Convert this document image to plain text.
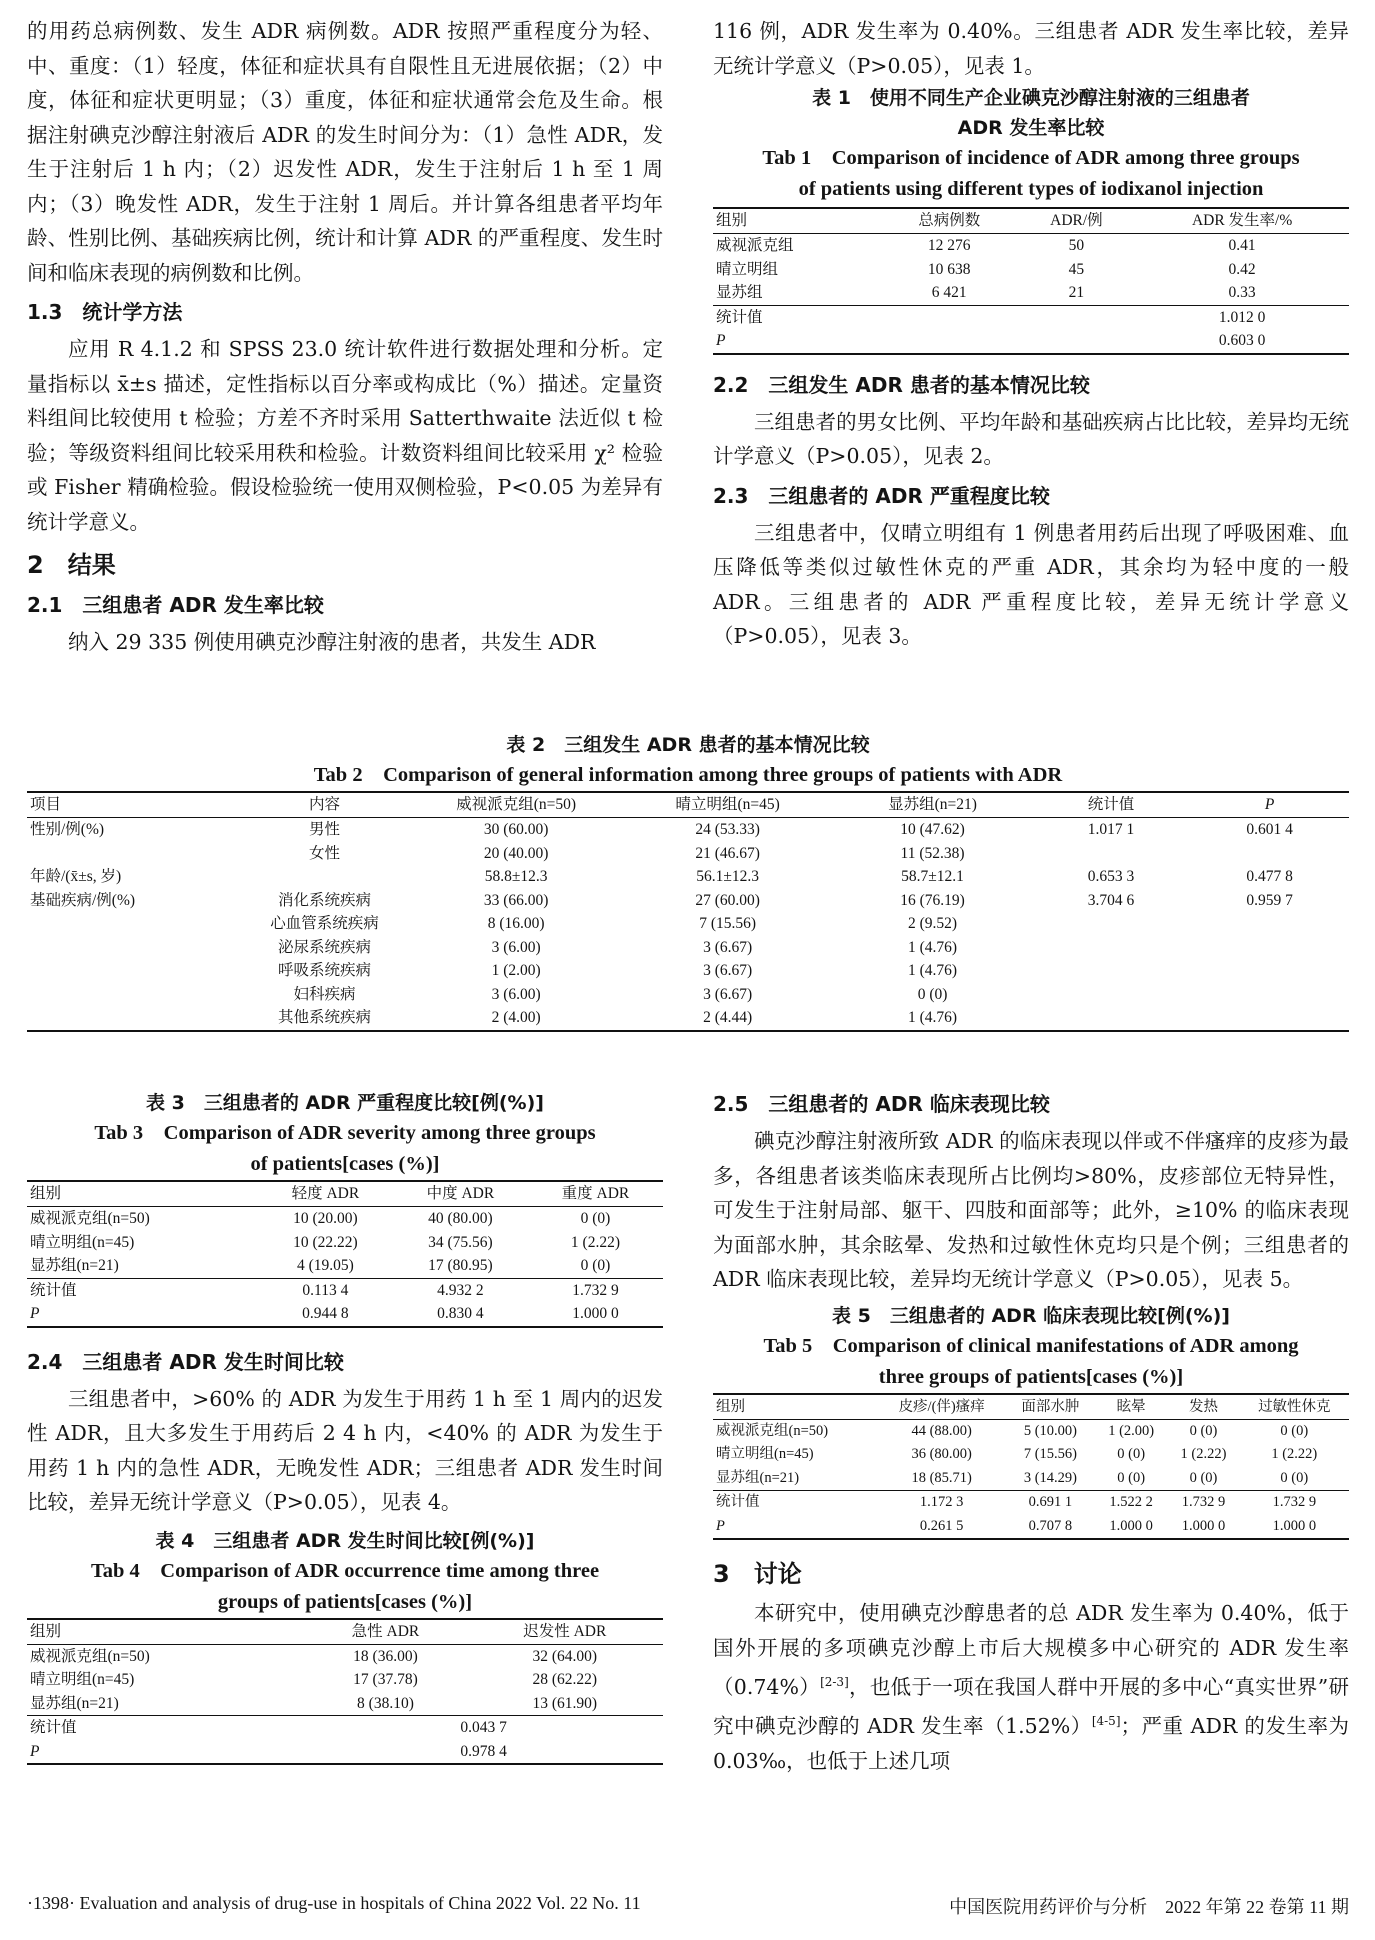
的用药总病例数、发生 ADR 病例数。ADR 按照严重程度分为轻、中、重度：（1）轻度，体征和症状具有自限性且无进展依据；（2）中度，体征和症状更明显；（3）重度，体征和症状通常会危及生命。根据注射碘克沙醇注射液后 ADR 的发生时间分为：（1）急性 ADR，发生于注射后 1 h 内；（2）迟发性 ADR，发生于注射后 1 h 至 1 周内；（3）晚发性 ADR，发生于注射 1 周后。并计算各组患者平均年龄、性别比例、基础疾病比例，统计和计算 ADR 的严重程度、发生时间和临床表现的病例数和比例。

1.3　统计学方法

应用 R 4.1.2 和 SPSS 23.0 统计软件进行数据处理和分析。定量指标以 x̄±s 描述，定性指标以百分率或构成比（%）描述。定量资料组间比较使用 t 检验；方差不齐时采用 Satterthwaite 法近似 t 检验；等级资料组间比较采用秩和检验。计数资料组间比较采用 χ² 检验或 Fisher 精确检验。假设检验统一使用双侧检验，P<0.05 为差异有统计学意义。

2　结果
2.1　三组患者 ADR 发生率比较

纳入 29 335 例使用碘克沙醇注射液的患者，共发生 ADR

116 例，ADR 发生率为 0.40%。三组患者 ADR 发生率比较，差异无统计学意义（P>0.05），见表 1。

表 1　使用不同生产企业碘克沙醇注射液的三组患者
ADR 发生率比较
Tab 1　Comparison of incidence of ADR among three groups
of patients using different types of iodixanol injection
组别	总病例数	ADR/例	ADR 发生率/%
威视派克组	12 276	50	0.41
晴立明组	10 638	45	0.42
显苏组	6 421	21	0.33
统计值			1.012 0
P			0.603 0
2.2　三组发生 ADR 患者的基本情况比较

三组患者的男女比例、平均年龄和基础疾病占比比较，差异均无统计学意义（P>0.05），见表 2。

2.3　三组患者的 ADR 严重程度比较

三组患者中，仅晴立明组有 1 例患者用药后出现了呼吸困难、血压降低等类似过敏性休克的严重 ADR，其余均为轻中度的一般 ADR。三组患者的 ADR 严重程度比较，差异无统计学意义（P>0.05），见表 3。

表 2　三组发生 ADR 患者的基本情况比较
Tab 2　Comparison of general information among three groups of patients with ADR
项目	内容	威视派克组(n=50)	晴立明组(n=45)	显苏组(n=21)	统计值	P
性别/例(%)	男性	30 (60.00)	24 (53.33)	10 (47.62)	1.017 1	0.601 4
	女性	20 (40.00)	21 (46.67)	11 (52.38)		
年龄/(x̄±s, 岁)		58.8±12.3	56.1±12.3	58.7±12.1	0.653 3	0.477 8
基础疾病/例(%)	消化系统疾病	33 (66.00)	27 (60.00)	16 (76.19)	3.704 6	0.959 7
	心血管系统疾病	8 (16.00)	7 (15.56)	2 (9.52)		
	泌尿系统疾病	3 (6.00)	3 (6.67)	1 (4.76)		
	呼吸系统疾病	1 (2.00)	3 (6.67)	1 (4.76)		
	妇科疾病	3 (6.00)	3 (6.67)	0 (0)		
	其他系统疾病	2 (4.00)	2 (4.44)	1 (4.76)		
表 3　三组患者的 ADR 严重程度比较[例(%)]
Tab 3　Comparison of ADR severity among three groups
of patients[cases (%)]
组别	轻度 ADR	中度 ADR	重度 ADR
威视派克组(n=50)	10 (20.00)	40 (80.00)	0 (0)
晴立明组(n=45)	10 (22.22)	34 (75.56)	1 (2.22)
显苏组(n=21)	4 (19.05)	17 (80.95)	0 (0)
统计值	0.113 4	4.932 2	1.732 9
P	0.944 8	0.830 4	1.000 0
2.4　三组患者 ADR 发生时间比较

三组患者中，>60% 的 ADR 为发生于用药 1 h 至 1 周内的迟发性 ADR，且大多发生于用药后 2 4 h 内，<40% 的 ADR 为发生于用药 1 h 内的急性 ADR，无晚发性 ADR；三组患者 ADR 发生时间比较，差异无统计学意义（P>0.05），见表 4。

表 4　三组患者 ADR 发生时间比较[例(%)]
Tab 4　Comparison of ADR occurrence time among three
groups of patients[cases (%)]
组别	急性 ADR	迟发性 ADR
威视派克组(n=50)	18 (36.00)	32 (64.00)
晴立明组(n=45)	17 (37.78)	28 (62.22)
显苏组(n=21)	8 (38.10)	13 (61.90)
统计值	0.043 7	
P	0.978 4	
2.5　三组患者的 ADR 临床表现比较

碘克沙醇注射液所致 ADR 的临床表现以伴或不伴瘙痒的皮疹为最多，各组患者该类临床表现所占比例均>80%，皮疹部位无特异性，可发生于注射局部、躯干、四肢和面部等；此外，≥10% 的临床表现为面部水肿，其余眩晕、发热和过敏性休克均只是个例；三组患者的 ADR 临床表现比较，差异均无统计学意义（P>0.05），见表 5。

表 5　三组患者的 ADR 临床表现比较[例(%)]
Tab 5　Comparison of clinical manifestations of ADR among
three groups of patients[cases (%)]
组别	皮疹/(伴)瘙痒	面部水肿	眩晕	发热	过敏性休克
威视派克组(n=50)	44 (88.00)	5 (10.00)	1 (2.00)	0 (0)	0 (0)
晴立明组(n=45)	36 (80.00)	7 (15.56)	0 (0)	1 (2.22)	1 (2.22)
显苏组(n=21)	18 (85.71)	3 (14.29)	0 (0)	0 (0)	0 (0)
统计值	1.172 3	0.691 1	1.522 2	1.732 9	1.732 9
P	0.261 5	0.707 8	1.000 0	1.000 0	1.000 0
3　讨论

本研究中，使用碘克沙醇患者的总 ADR 发生率为 0.40%，低于国外开展的多项碘克沙醇上市后大规模多中心研究的 ADR 发生率（0.74%）[2-3]，也低于一项在我国人群中开展的多中心“真实世界”研究中碘克沙醇的 ADR 发生率（1.52%）[4-5]；严重 ADR 的发生率为 0.03‰，也低于上述几项

·1398· Evaluation and analysis of drug-use in hospitals of China 2022 Vol. 22 No. 11	中国医院用药评价与分析　2022 年第 22 卷第 11 期
